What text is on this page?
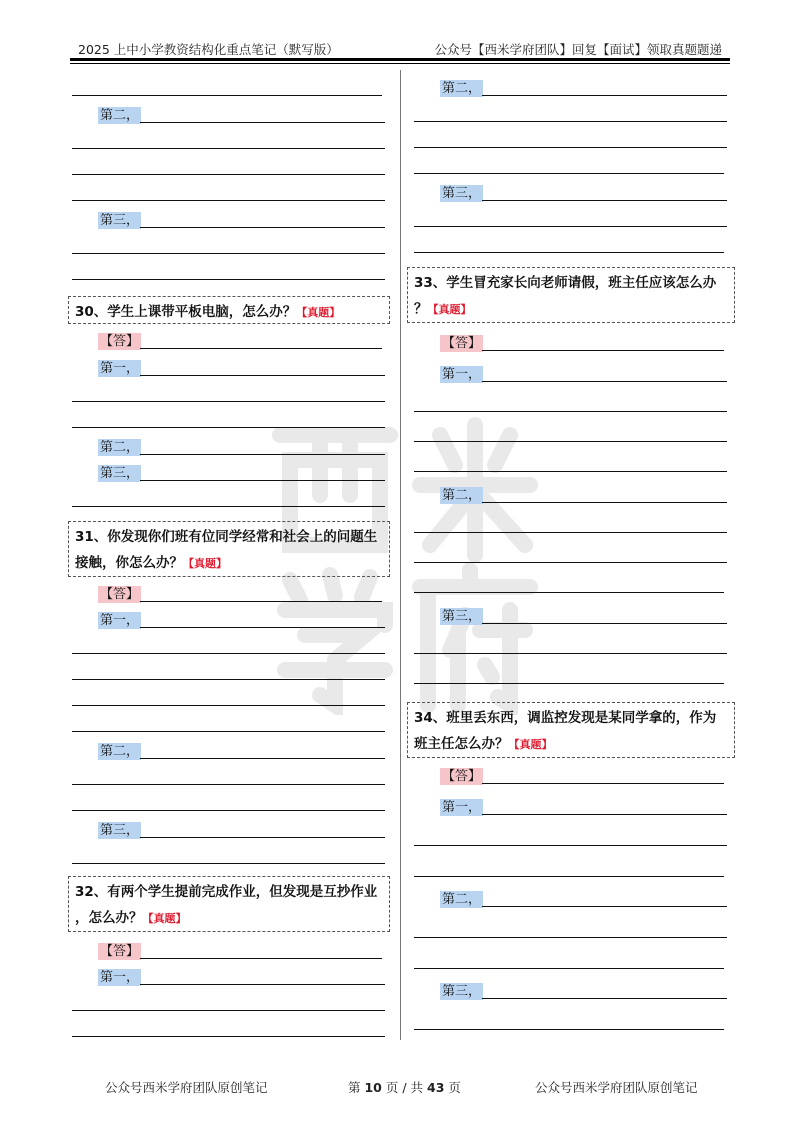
2025 上中小学教资结构化重点笔记（默写版）	公众号【西米学府团队】回复【面试】领取真题题递
第二，
第三，
30、学生上课带平板电脑，怎么办？【真题】
【答】
第一，
第二，
第三，
31、你发现你们班有位同学经常和社会上的问题生
接触，你怎么办？【真题】
【答】
第一，
第二，
第三，
32、有两个学生提前完成作业，但发现是互抄作业
，怎么办？【真题】
【答】
第一，
第二，
第三，
33、学生冒充家长向老师请假，班主任应该怎么办
？【真题】
【答】
第一，
第二，
第三，
34、班里丢东西，调监控发现是某同学拿的，作为
班主任怎么办？【真题】
【答】
第一，
第二，
第三，
公众号西米学府团队原创笔记	第 10 页 / 共 43 页	公众号西米学府团队原创笔记
